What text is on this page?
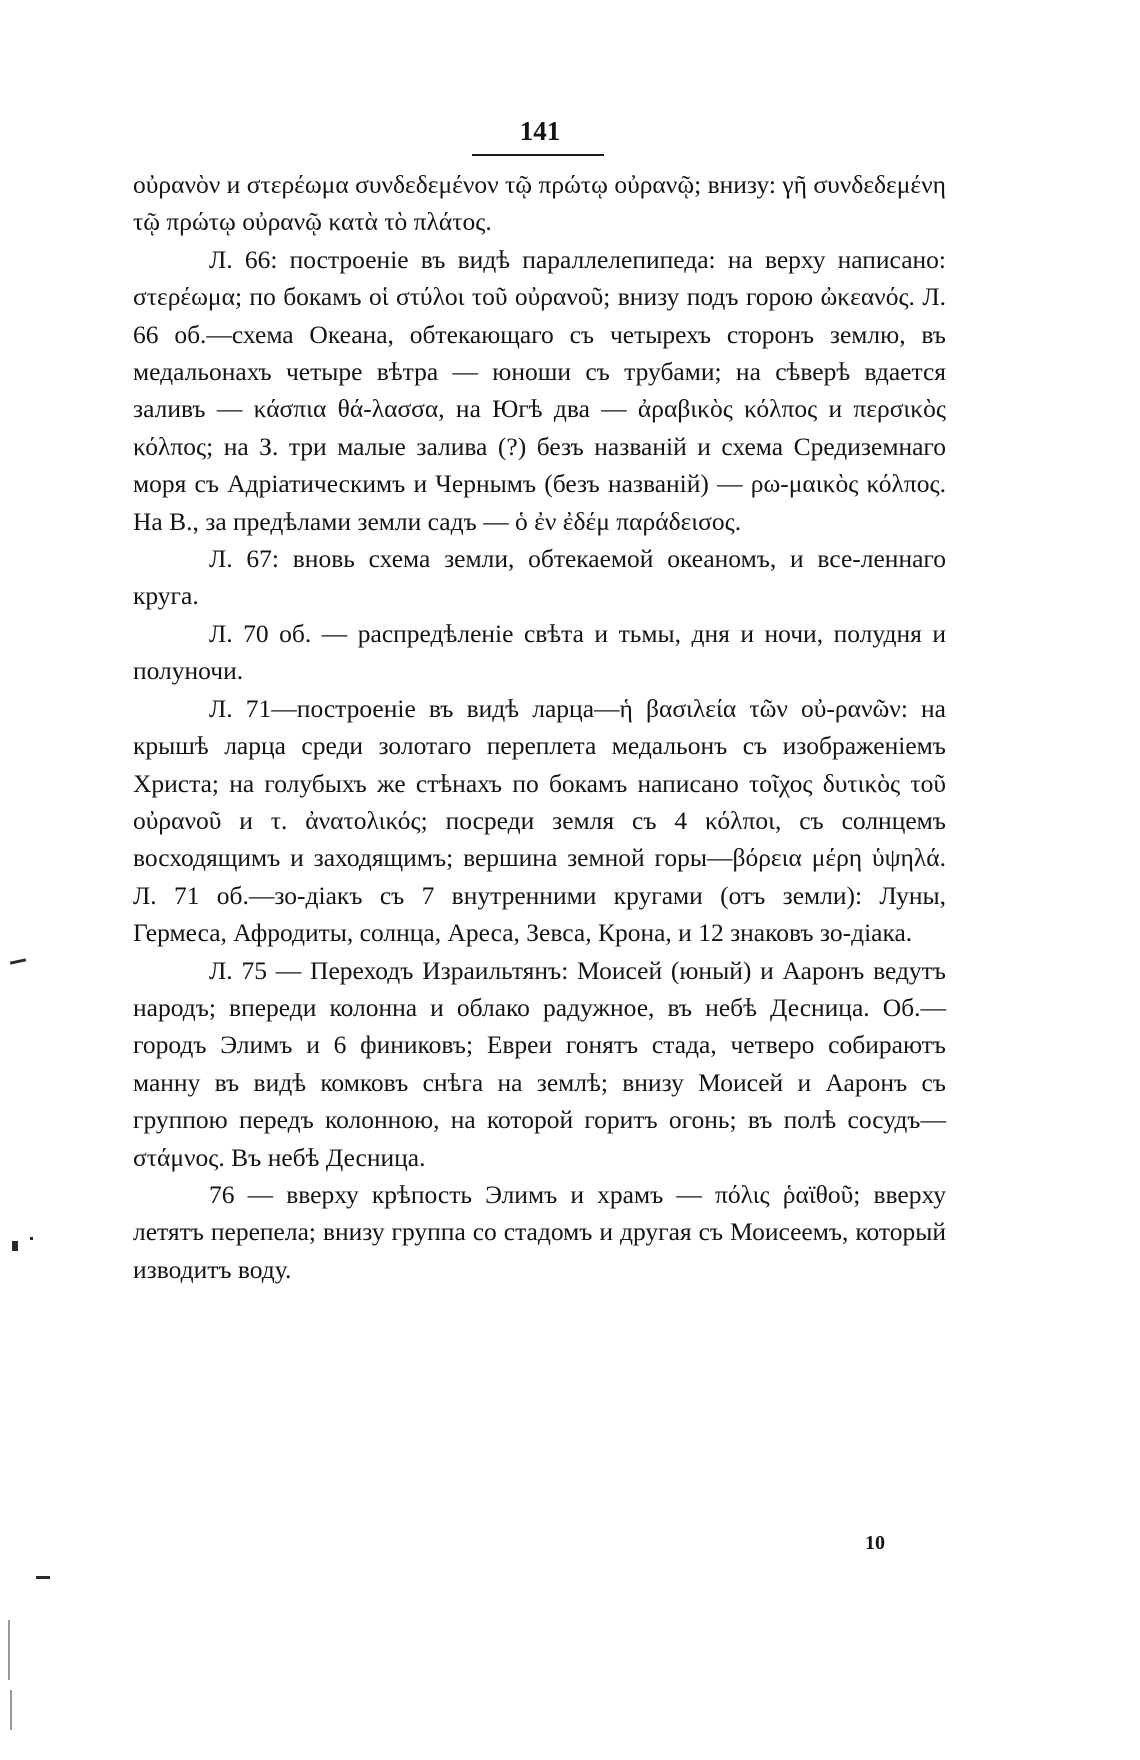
141

οὐρανὸν и στερέωμα συνδεδεμένον τῷ πρώτῳ οὐρανῷ; внизу: γῆ συνδεδεμένη τῷ πρώτῳ οὐρανῷ κατὰ τὸ πλάτος.

Л. 66: построеніе въ видѣ параллелепипеда: на верху написано: στερέωμα; по бокамъ οἱ στύλοι τοῦ οὐρανοῦ; внизу подъ горою ὠκεανός. Л. 66 об.—схема Океана, обтекающаго съ четырехъ сторонъ землю, въ медальонахъ четыре вѣтра — юноши съ трубами; на сѣверѣ вдается заливъ — κάσπια θά-λασσα, на Югѣ два — ἀραβικὸς κόλπος и περσικὸς κόλπος; на З. три малые залива (?) безъ названій и схема Средиземнаго моря съ Адріатическимъ и Чернымъ (безъ названій) — ρω-μαικὸς κόλπος. На В., за предѣлами земли садъ — ὁ ἐν ἐδέμ παράδεισος.

Л. 67: вновь схема земли, обтекаемой океаномъ, и все-леннаго круга.

Л. 70 об. — распредѣленіе свѣта и тьмы, дня и ночи, полудня и полуночи.

Л. 71—построеніе въ видѣ ларца—ἡ βασιλεία τῶν οὐ-ρανῶν: на крышѣ ларца среди золотаго переплета медальонъ съ изображеніемъ Христа; на голубыхъ же стѣнахъ по бокамъ написано τοῖχος δυτικὸς τοῦ οὐρανοῦ и τ. ἀνατολικός; посреди земля съ 4 κόλποι, съ солнцемъ восходящимъ и заходящимъ; вершина земной горы—βόρεια μέρη ὑψηλά. Л. 71 об.—зо-діакъ съ 7 внутренними кругами (отъ земли): Луны, Гермеса, Афродиты, солнца, Ареса, Зевса, Крона, и 12 знаковъ зо-діака.

Л. 75 — Переходъ Израильтянъ: Моисей (юный) и Ааронъ ведутъ народъ; впереди колонна и облако радужное, въ небѣ Десница. Об.—городъ Элимъ и 6 финиковъ; Евреи гонятъ стада, четверо собираютъ манну въ видѣ комковъ снѣга на землѣ; внизу Моисей и Ааронъ съ группою передъ колонною, на которой горитъ огонь; въ полѣ сосудъ—στάμνος. Въ небѣ Десница.

76 — вверху крѣпость Элимъ и храмъ — πόλις ῥαϊθοῦ; вверху летятъ перепела; внизу группа со стадомъ и другая съ Моисеемъ, который изводитъ воду.

10
